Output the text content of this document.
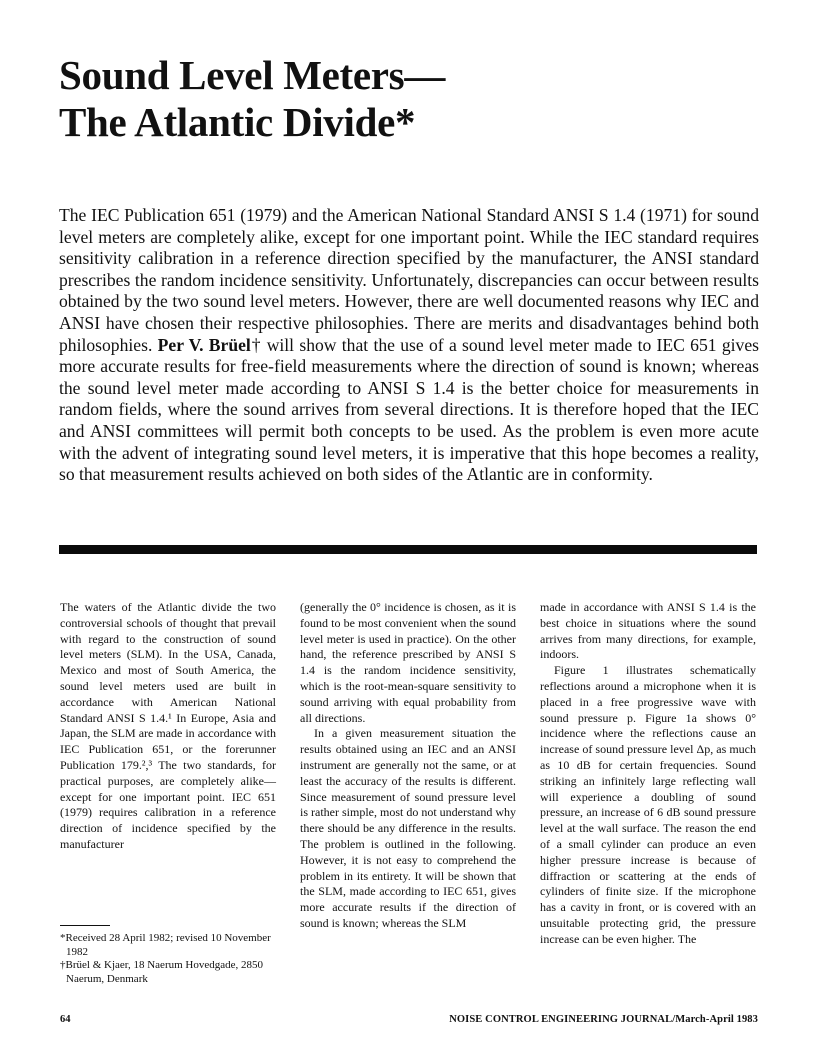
Sound Level Meters—
The Atlantic Divide*

The IEC Publication 651 (1979) and the American National Standard ANSI S 1.4 (1971) for sound level meters are completely alike, except for one important point. While the IEC standard requires sensitivity calibration in a reference direction specified by the manufacturer, the ANSI standard prescribes the random incidence sensitivity. Unfortunately, discrepancies can occur between results obtained by the two sound level meters. However, there are well documented reasons why IEC and ANSI have chosen their respective philosophies. There are merits and disadvantages behind both philosophies. Per V. Brüel† will show that the use of a sound level meter made to IEC 651 gives more accurate results for free-field measurements where the direction of sound is known; whereas the sound level meter made according to ANSI S 1.4 is the better choice for measurements in random fields, where the sound arrives from several directions. It is therefore hoped that the IEC and ANSI committees will permit both concepts to be used. As the problem is even more acute with the advent of integrating sound level meters, it is imperative that this hope becomes a reality, so that measurement results achieved on both sides of the Atlantic are in conformity.

The waters of the Atlantic divide the two controversial schools of thought that prevail with regard to the construction of sound level meters (SLM). In the USA, Canada, Mexico and most of South America, the sound level meters used are built in accordance with American National Standard ANSI S 1.4.¹ In Europe, Asia and Japan, the SLM are made in accordance with IEC Publication 651, or the forerunner Publication 179.²,³ The two standards, for practical purposes, are completely alike—except for one important point. IEC 651 (1979) requires calibration in a reference direction of incidence specified by the manufacturer

(generally the 0° incidence is chosen, as it is found to be most convenient when the sound level meter is used in practice). On the other hand, the reference prescribed by ANSI S 1.4 is the random incidence sensitivity, which is the root-mean-square sensitivity to sound arriving with equal probability from all directions.

In a given measurement situation the results obtained using an IEC and an ANSI instrument are generally not the same, or at least the accuracy of the results is different. Since measurement of sound pressure level is rather simple, most do not understand why there should be any difference in the results. The problem is outlined in the following. However, it is not easy to comprehend the problem in its entirety. It will be shown that the SLM, made according to IEC 651, gives more accurate results if the direction of sound is known; whereas the SLM

made in accordance with ANSI S 1.4 is the best choice in situations where the sound arrives from many directions, for example, indoors.

Figure 1 illustrates schematically reflections around a microphone when it is placed in a free progressive wave with sound pressure p. Figure 1a shows 0° incidence where the reflections cause an increase of sound pressure level Δp, as much as 10 dB for certain frequencies. Sound striking an infinitely large reflecting wall will experience a doubling of sound pressure, an increase of 6 dB sound pressure level at the wall surface. The reason the end of a small cylinder can produce an even higher pressure increase is because of diffraction or scattering at the ends of cylinders of finite size. If the microphone has a cavity in front, or is covered with an unsuitable protecting grid, the pressure increase can be even higher. The

*Received 28 April 1982; revised 10 November 1982
†Brüel & Kjaer, 18 Naerum Hovedgade, 2850 Naerum, Denmark
64	NOISE CONTROL ENGINEERING JOURNAL/March-April 1983
